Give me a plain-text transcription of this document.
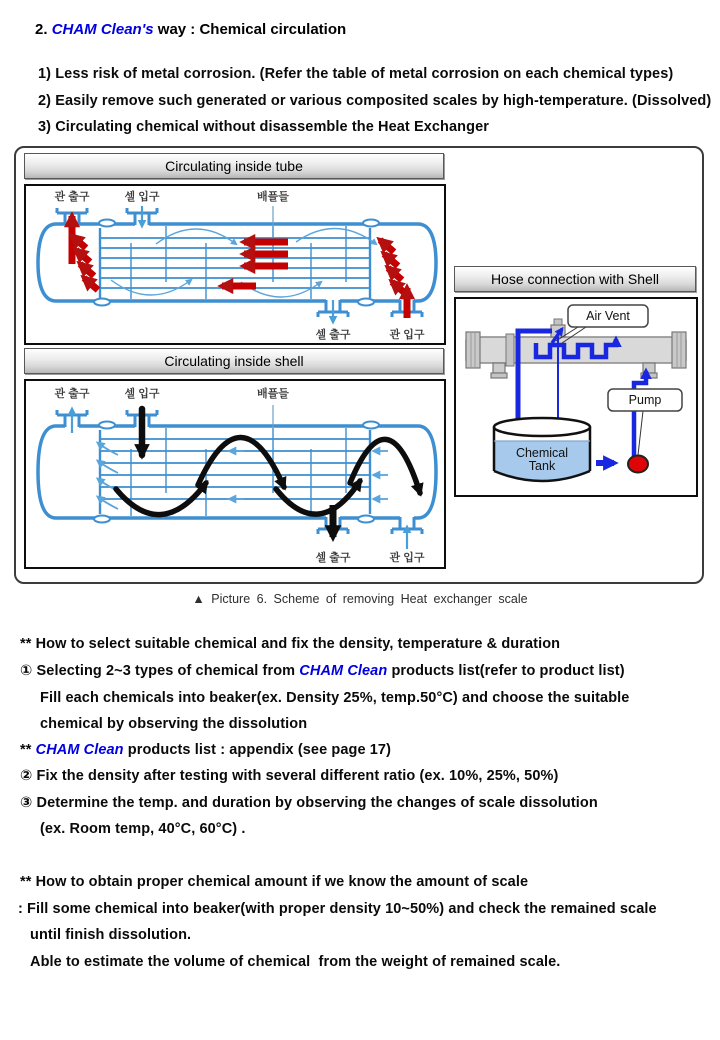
2. CHAM Clean's way : Chemical circulation
1) Less risk of metal corrosion. (Refer the table of metal corrosion on each chemical types)
2) Easily remove such generated or various composited scales by high-temperature. (Dissolved)
3) Circulating chemical without disassemble the Heat Exchanger
Circulating inside tube
관 출구	셀 입구	배플들
셀 출구	관 입구
Circulating inside shell
관 출구	셀 입구	배플들
셀 출구	관 입구
Hose connection with Shell
Chemical
Tank
Air Vent
Pump
▲ Picture 6. Scheme of removing Heat exchanger scale
** How to select suitable chemical and fix the density, temperature & duration
① Selecting 2~3 types of chemical from CHAM Clean products list(refer to product list)
Fill each chemicals into beaker(ex. Density 25%, temp.50°C) and choose the suitable
chemical by observing the dissolution
** CHAM Clean products list : appendix (see page 17)
② Fix the density after testing with several different ratio (ex. 10%, 25%, 50%)
③ Determine the temp. and duration by observing the changes of scale dissolution
(ex. Room temp, 40°C, 60°C) .
** How to obtain proper chemical amount if we know the amount of scale
: Fill some chemical into beaker(with proper density 10~50%) and check the remained scale
until finish dissolution.
Able to estimate the volume of chemical  from the weight of remained scale.
